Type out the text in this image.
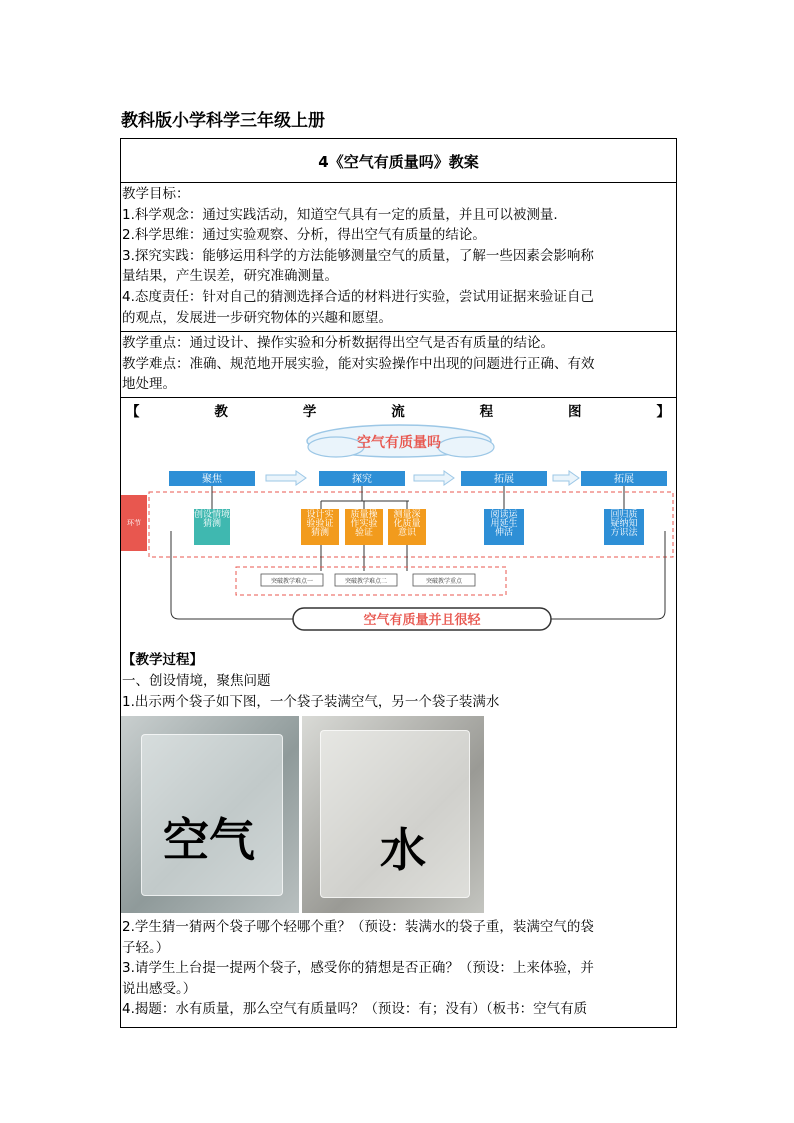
教科版小学科学三年级上册
4《空气有质量吗》教案

教学目标：

1.科学观念：通过实践活动，知道空气具有一定的质量，并且可以被测量.

2.科学思维：通过实验观察、分析，得出空气有质量的结论。

3.探究实践：能够运用科学的方法能够测量空气的质量，了解一些因素会影响称

量结果，产生误差，研究准确测量。

4.态度责任：针对自己的猜测选择合适的材料进行实验，尝试用证据来验证自己

的观点，发展进一步研究物体的兴趣和愿望。

教学重点：通过设计、操作实验和分析数据得出空气是否有质量的结论。

教学难点：准确、规范地开展实验，能对实验操作中出现的问题进行正确、有效

地处理。

【	教	学	流	程	图	】
空气有质量吗
聚焦	探究	拓展	拓展
环节
突破教学难点一	突破教学难点二	突破教学重点
空气有质量并且很轻
创设情境猜测
设计实验验证猜测
质量操作实验验证
测量深化质量意识
阅读运用延生伸活
回归质疑纳知方识法
【教学过程】
一、创设情境，聚焦问题
1.出示两个袋子如下图，一个袋子装满空气，另一个袋子装满水
空气	水

2.学生猜一猜两个袋子哪个轻哪个重？（预设：装满水的袋子重，装满空气的袋

子轻。）

3.请学生上台提一提两个袋子，感受你的猜想是否正确？（预设：上来体验，并

说出感受。）

4.揭题：水有质量，那么空气有质量吗？（预设：有；没有）（板书：空气有质
